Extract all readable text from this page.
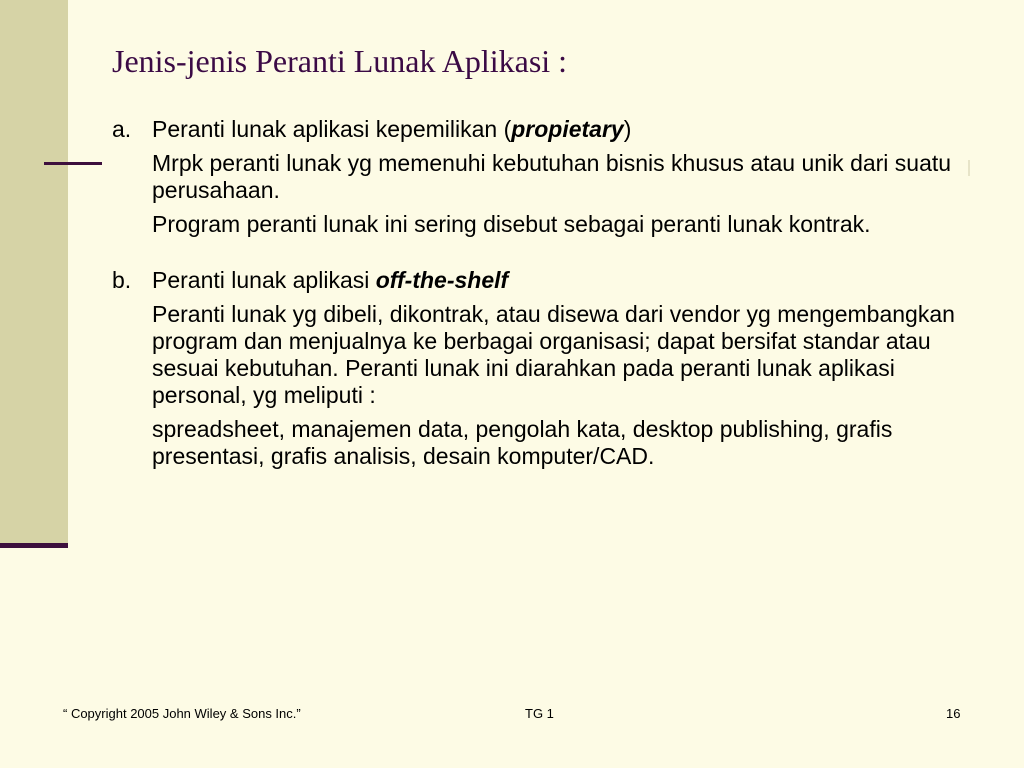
Jenis-jenis Peranti Lunak Aplikasi :
a. Peranti lunak aplikasi kepemilikan (propietary)

Mrpk peranti lunak yg memenuhi kebutuhan bisnis khusus atau unik dari suatu perusahaan.

Program peranti lunak ini sering disebut sebagai peranti lunak kontrak.

b. Peranti lunak aplikasi off-the-shelf

Peranti lunak yg dibeli, dikontrak, atau disewa dari vendor yg mengembangkan program dan menjualnya ke berbagai organisasi; dapat bersifat standar atau sesuai kebutuhan. Peranti lunak ini diarahkan pada peranti lunak aplikasi personal, yg meliputi :

spreadsheet, manajemen data, pengolah kata, desktop publishing, grafis presentasi, grafis analisis, desain komputer/CAD.

“ Copyright 2005 John Wiley & Sons Inc.”	TG 1	16
